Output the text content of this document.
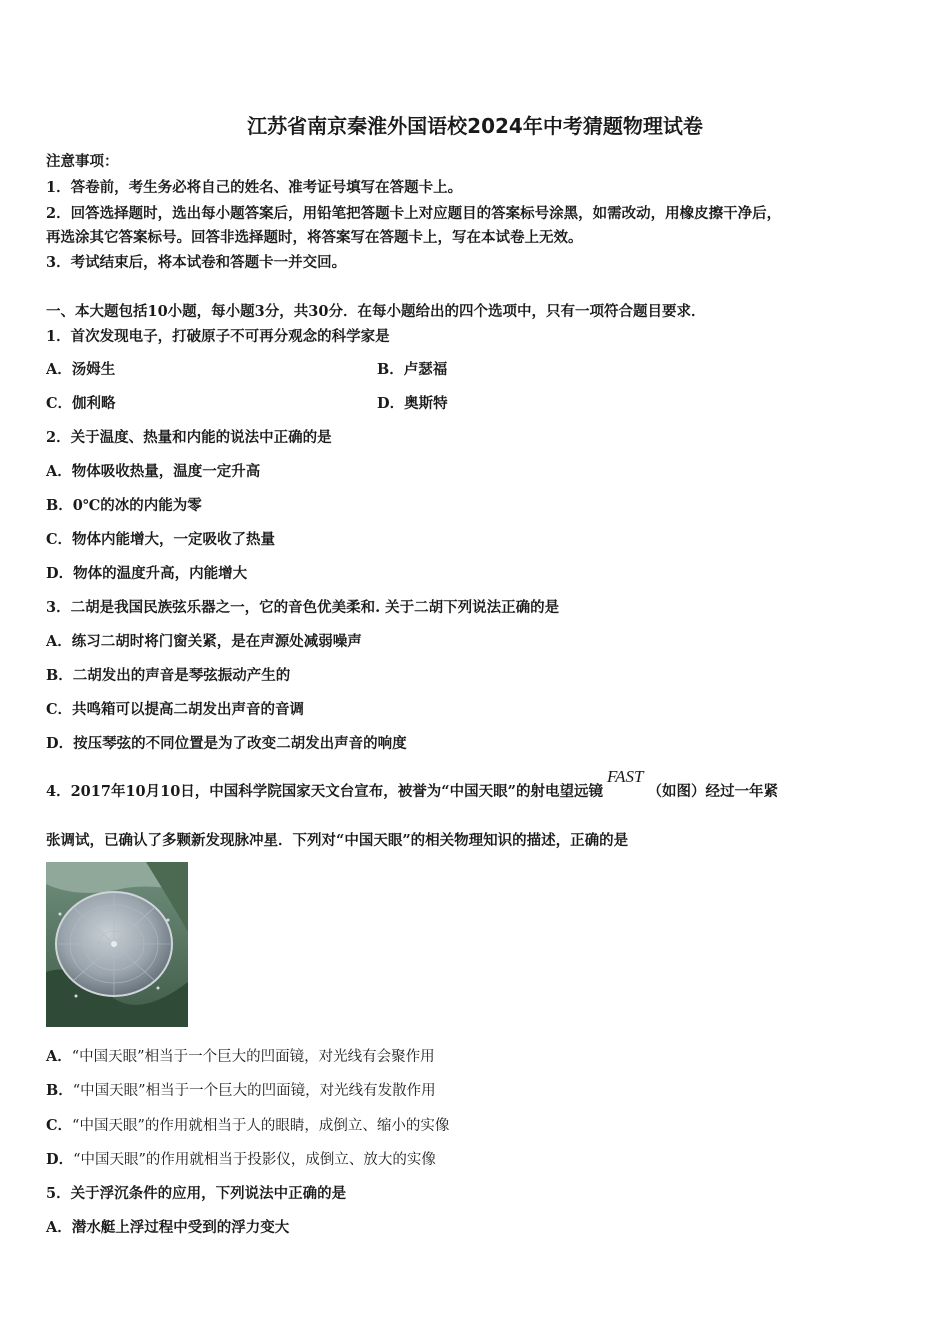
江苏省南京秦淮外国语校2024年中考猜题物理试卷
注意事项：
1．答卷前，考生务必将自己的姓名、准考证号填写在答题卡上。
2．回答选择题时，选出每小题答案后，用铅笔把答题卡上对应题目的答案标号涂黑，如需改动，用橡皮擦干净后，
再选涂其它答案标号。回答非选择题时，将答案写在答题卡上，写在本试卷上无效。
3．考试结束后，将本试卷和答题卡一并交回。
一、本大题包括10小题，每小题3分，共30分．在每小题给出的四个选项中，只有一项符合题目要求．
1．首次发现电子，打破原子不可再分观念的科学家是
A．汤姆生	B．卢瑟福
C．伽利略	D．奥斯特
2．关于温度、热量和内能的说法中正确的是
A．物体吸收热量，温度一定升高
B．0℃的冰的内能为零
C．物体内能增大，一定吸收了热量
D．物体的温度升高，内能增大
3．二胡是我国民族弦乐器之一，它的音色优美柔和. 关于二胡下列说法正确的是
A．练习二胡时将门窗关紧，是在声源处减弱噪声
B．二胡发出的声音是琴弦振动产生的
C．共鸣箱可以提高二胡发出声音的音调
D．按压琴弦的不同位置是为了改变二胡发出声音的响度
4．2017年10月10日，中国科学院国家天文台宣布，被誉为“中国天眼”的射电望远镜FAST（如图）经过一年紧
张调试，已确认了多颗新发现脉冲星．下列对“中国天眼”的相关物理知识的描述，正确的是
A．“中国天眼”相当于一个巨大的凹面镜，对光线有会聚作用
B．“中国天眼”相当于一个巨大的凹面镜，对光线有发散作用
C．“中国天眼”的作用就相当于人的眼睛，成倒立、缩小的实像
D．“中国天眼”的作用就相当于投影仪，成倒立、放大的实像
5．关于浮沉条件的应用，下列说法中正确的是
A．潜水艇上浮过程中受到的浮力变大
